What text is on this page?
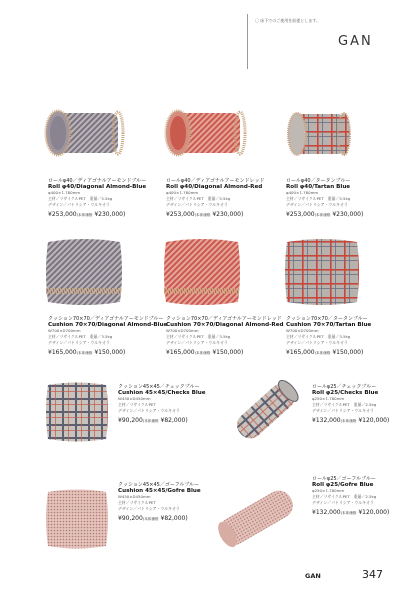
〇 床下でのご使用を前提とします。
GAN
ロールφ40／ディアゴナルアーモンドブルー
Roll φ40/Diagonal Almond-Blue
φ400×Ｌ780mm
主材／リサイクルPET　重量／5.5kg
デザイン／パトリシア・ウルキオラ
¥253,000(本体価格 ¥230,000)
ロールφ40／ディアゴナルアーモンドレッド
Roll φ40/Diagonal Almond-Red
φ400×Ｌ780mm
主材／リサイクルPET　重量／5.5kg
デザイン／パトリシア・ウルキオラ
¥253,000(本体価格 ¥230,000)
ロールφ40／タータンブルー
Roll φ40/Tartan Blue
φ400×Ｌ780mm
主材／リサイクルPET　重量／5.5kg
デザイン／パトリシア・ウルキオラ
¥253,000(本体価格 ¥230,000)
クッション70×70／ディアゴナルアーモンドブルー
Cushion 70×70/Diagonal Almond-Blue
W700×D700mm
主材／リサイクルPET　重量／3.5kg
デザイン／パトリシア・ウルキオラ
¥165,000(本体価格 ¥150,000)
クッション70×70／ディアゴナルアーモンドレッド
Cushion 70×70/Diagonal Almond-Red
W700×D700mm
主材／リサイクルPET　重量／3.5kg
デザイン／パトリシア・ウルキオラ
¥165,000(本体価格 ¥150,000)
クッション70×70／タータンブルー
Cushion 70×70/Tartan Blue
W700×D700mm
主材／リサイクルPET　重量／3.5kg
デザイン／パトリシア・ウルキオラ
¥165,000(本体価格 ¥150,000)
クッション45×45／チェックブルー
Cushion 45×45/Checks Blue
W450×D450mm
主材／リサイクルPET
デザイン／パトリシア・ウルキオラ
¥90,200(本体価格 ¥82,000)
ロールφ25／チェックブルー
Roll φ25/Checks Blue
φ250×Ｌ780mm
主材／リサイクルPET　重量／2.5kg
デザイン／パトリシア・ウルキオラ
¥132,000(本体価格 ¥120,000)
クッション45×45／ゴーフルブルー
Cushion 45×45/Gofre Blue
W450×D450mm
主材／リサイクルPET
デザイン／パトリシア・ウルキオラ
¥90,200(本体価格 ¥82,000)
ロールφ25／ゴーフルブルー
Roll φ25/Gofre Blue
φ250×Ｌ780mm
主材／リサイクルPET　重量／2.5kg
デザイン／パトリシア・ウルキオラ
¥132,000(本体価格 ¥120,000)
GAN	347
